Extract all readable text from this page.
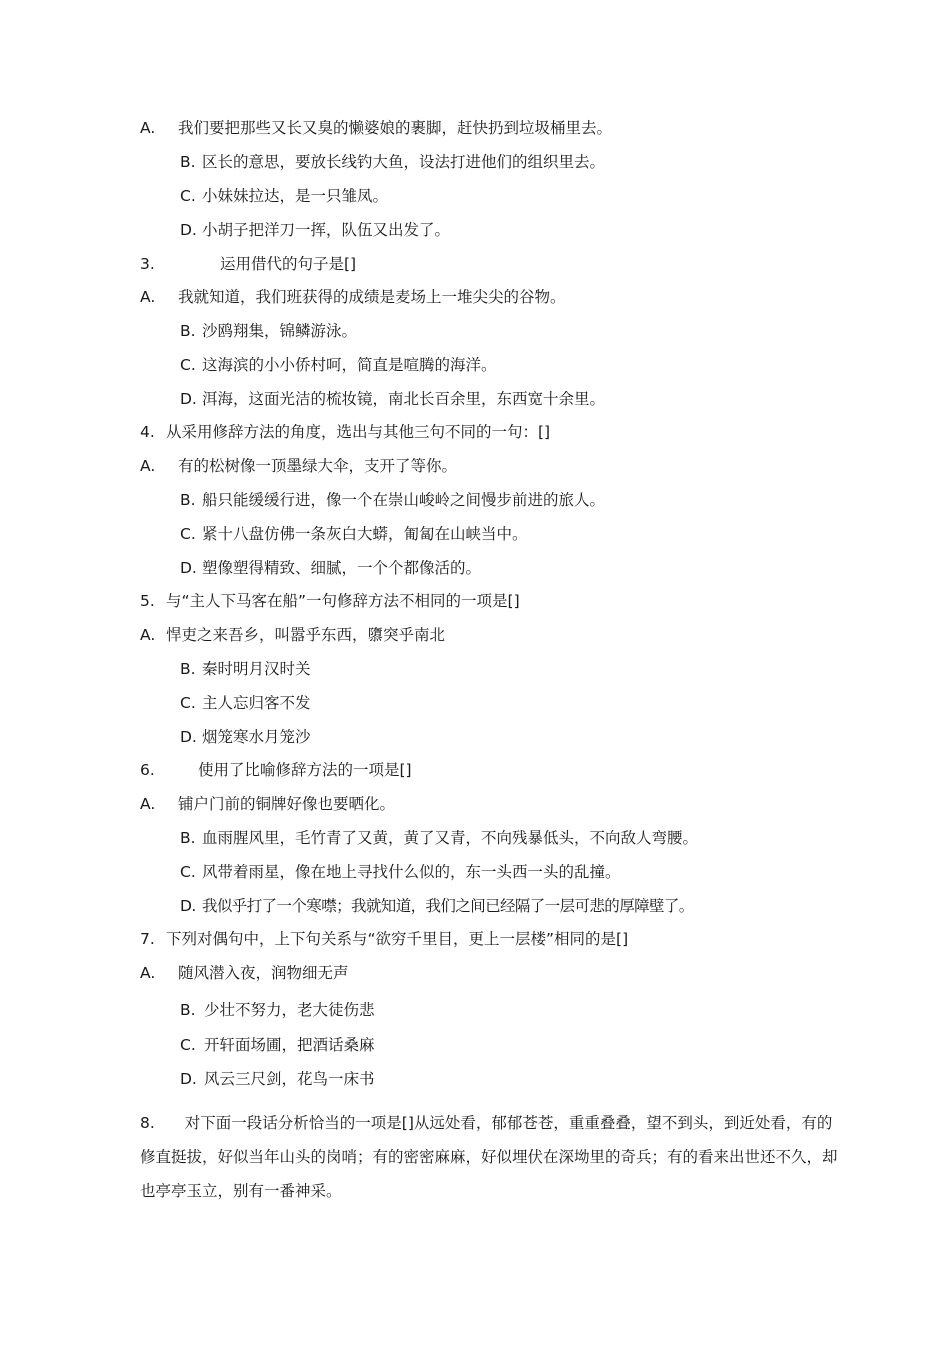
A. 我们要把那些又长又臭的懒婆娘的裹脚，赶快扔到垃圾桶里去。
B. 区长的意思，要放长线钓大鱼，设法打进他们的组织里去。
C. 小妹妹拉达，是一只雏凤。
D. 小胡子把洋刀一挥，队伍又出发了。
3.	运用借代的句子是[]
A. 我就知道，我们班获得的成绩是麦场上一堆尖尖的谷物。
B. 沙鸥翔集，锦鳞游泳。
C. 这海滨的小小侨村呵，简直是喧腾的海洋。
D. 洱海，这面光洁的梳妆镜，南北长百余里，东西宽十余里。
4. 从采用修辞方法的角度，选出与其他三句不同的一句：[]
A. 有的松树像一顶墨绿大伞，支开了等你。
B. 船只能缓缓行进，像一个在崇山峻岭之间慢步前进的旅人。
C. 紧十八盘仿佛一条灰白大蟒，匍匐在山峡当中。
D. 塑像塑得精致、细腻，一个个都像活的。
5. 与“主人下马客在船”一句修辞方法不相同的一项是[]
A. 悍吏之来吾乡，叫嚣乎东西，隳突乎南北
B. 秦时明月汉时关
C. 主人忘归客不发
D. 烟笼寒水月笼沙
6.	使用了比喻修辞方法的一项是[]
A. 铺户门前的铜牌好像也要晒化。
B. 血雨腥风里，毛竹青了又黄，黄了又青，不向残暴低头，不向敌人弯腰。
C. 风带着雨星，像在地上寻找什么似的，东一头西一头的乱撞。
D. 我似乎打了一个寒噤；我就知道，我们之间已经隔了一层可悲的厚障壁了。
7. 下列对偶句中，上下句关系与“欲穷千里目，更上一层楼”相同的是[]
A. 随风潜入夜，润物细无声
B. 少壮不努力，老大徒伤悲
C. 开轩面场圃，把酒话桑麻
D. 风云三尺剑，花鸟一床书
8. 对下面一段话分析恰当的一项是[]从远处看，郁郁苍苍，重重叠叠，望不到头，到近处看，有的修直挺拔，好似当年山头的岗哨；有的密密麻麻，好似埋伏在深坳里的奇兵；有的看来出世还不久，却也亭亭玉立，别有一番神采。
